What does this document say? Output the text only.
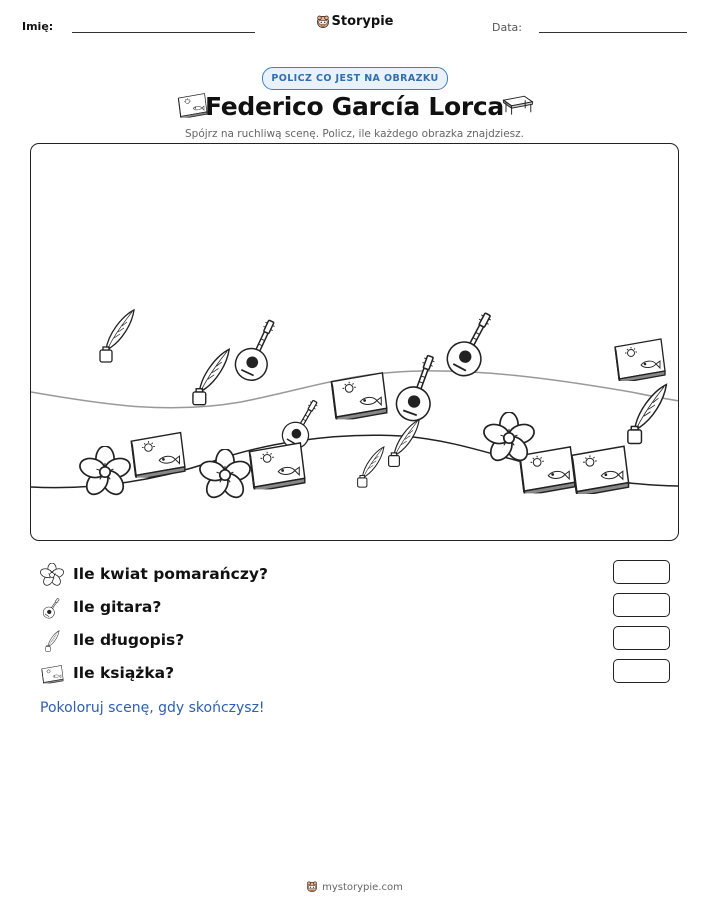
Imię:	Storypie	Data:
POLICZ CO JEST NA OBRAZKU
Federico García Lorca
Spójrz na ruchliwą scenę. Policz, ile każdego obrazka znajdziesz.
Ile kwiat pomarańczy?
Ile gitara?
Ile długopis?
Ile książka?
Pokoloruj scenę, gdy skończysz!
mystorypie.com
